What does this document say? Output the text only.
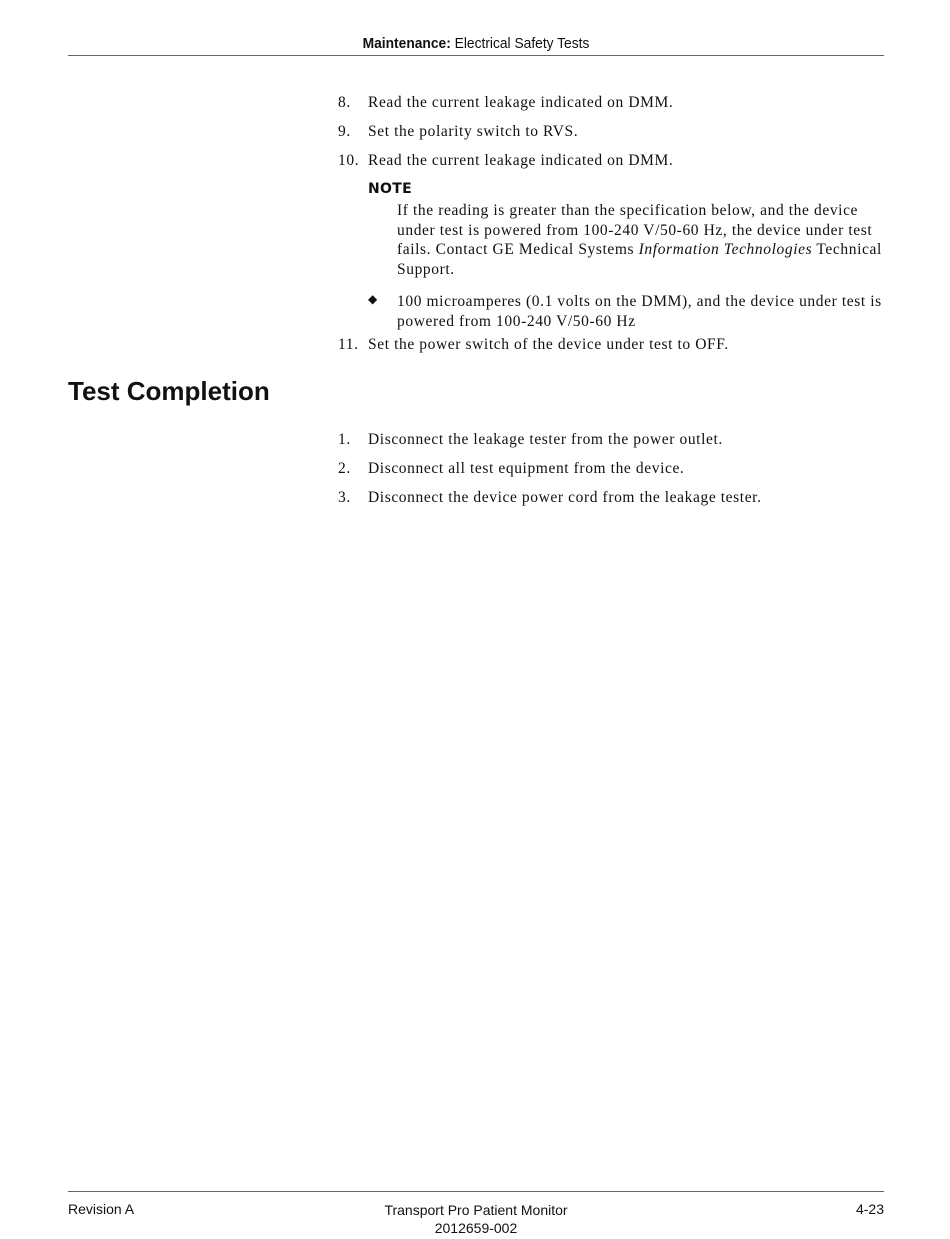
Maintenance: Electrical Safety Tests
8. Read the current leakage indicated on DMM.
9. Set the polarity switch to RVS.
10. Read the current leakage indicated on DMM.
NOTE
If the reading is greater than the specification below, and the device under test is powered from 100-240 V/50-60 Hz, the device under test fails. Contact GE Medical Systems Information Technologies Technical Support.
◆ 100 microamperes (0.1 volts on the DMM), and the device under test is powered from 100-240 V/50-60 Hz
11. Set the power switch of the device under test to OFF.
Test Completion
1. Disconnect the leakage tester from the power outlet.
2. Disconnect all test equipment from the device.
3. Disconnect the device power cord from the leakage tester.
Revision A	Transport Pro Patient Monitor
2012659-002
4-23
